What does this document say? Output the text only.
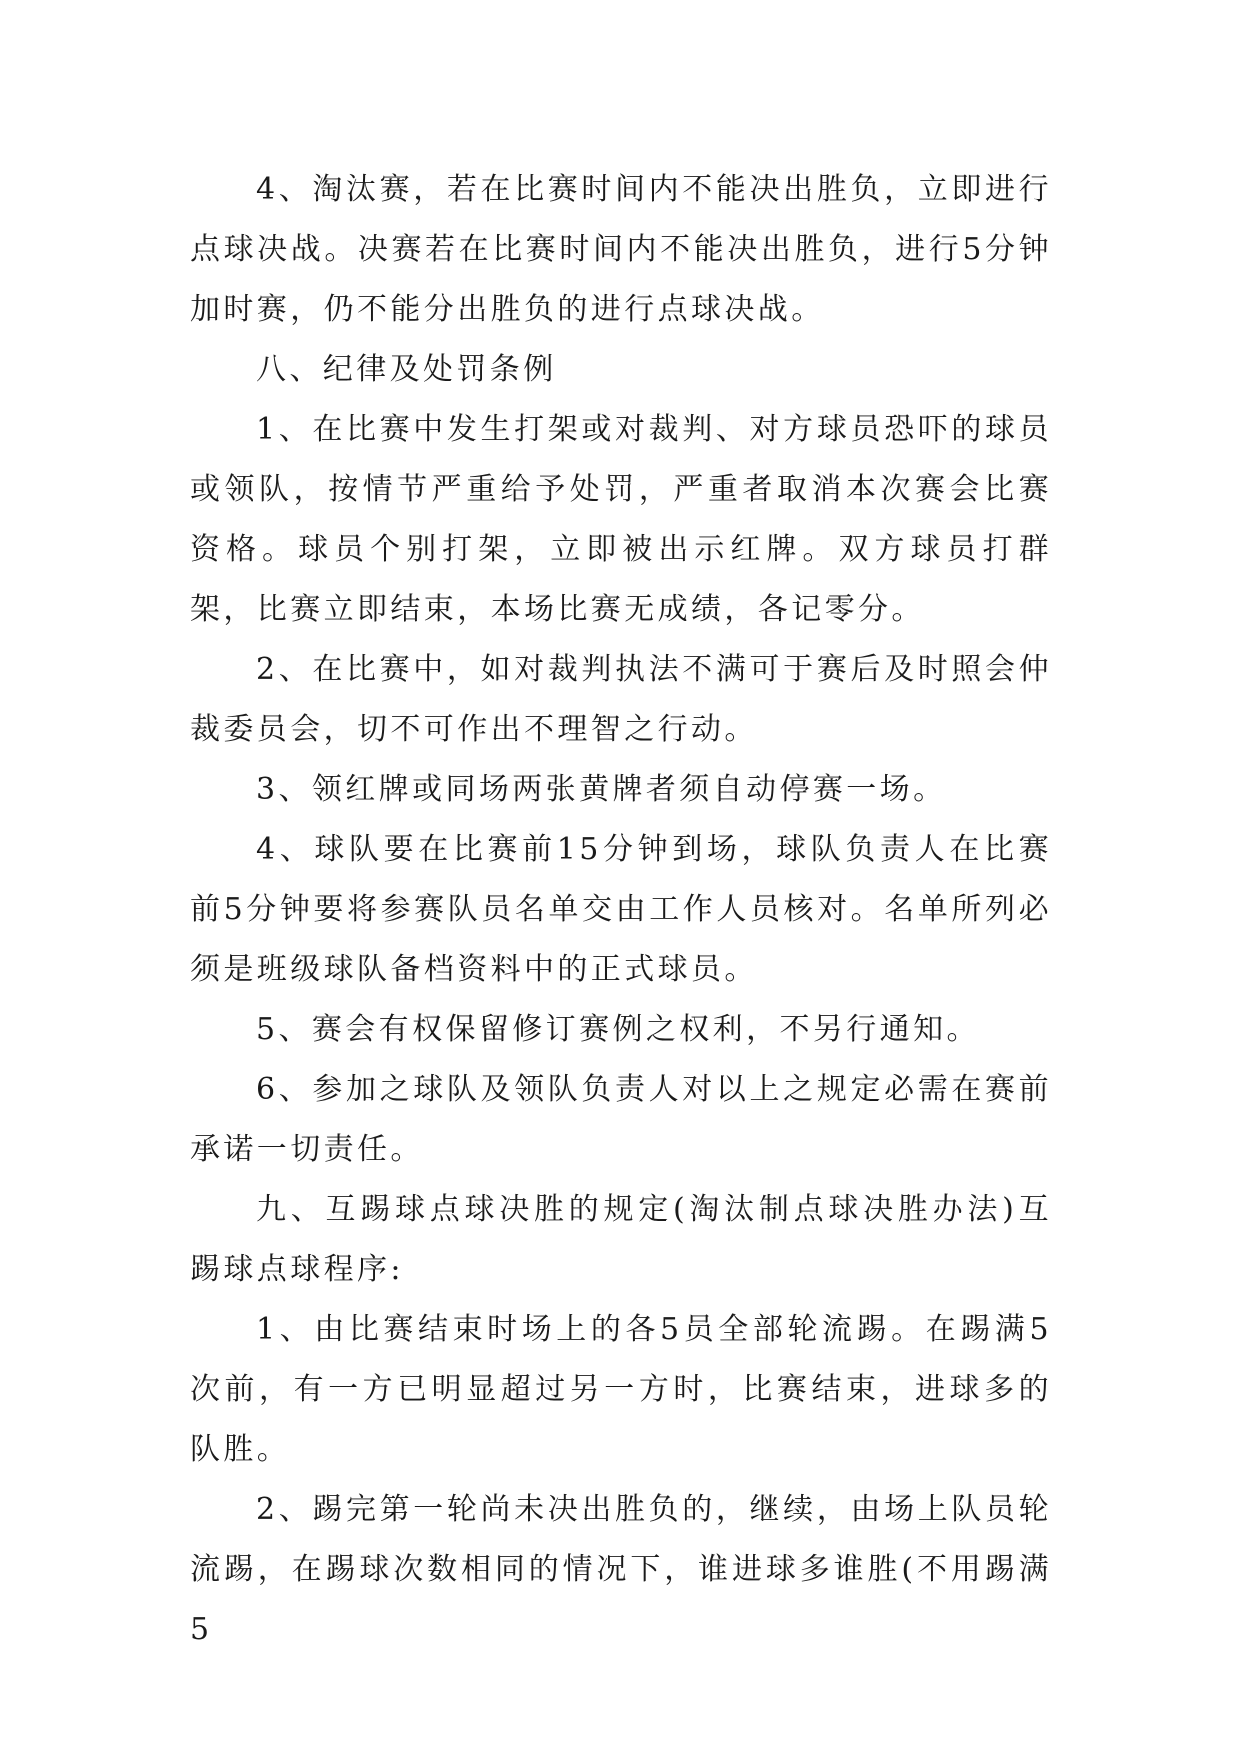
4、淘汰赛，若在比赛时间内不能决出胜负，立即进行点球决战。决赛若在比赛时间内不能决出胜负，进行5分钟加时赛，仍不能分出胜负的进行点球决战。

八、纪律及处罚条例

1、在比赛中发生打架或对裁判、对方球员恐吓的球员或领队，按情节严重给予处罚，严重者取消本次赛会比赛资格。球员个别打架，立即被出示红牌。双方球员打群架，比赛立即结束，本场比赛无成绩，各记零分。

2、在比赛中，如对裁判执法不满可于赛后及时照会仲裁委员会，切不可作出不理智之行动。

3、领红牌或同场两张黄牌者须自动停赛一场。

4、球队要在比赛前15分钟到场，球队负责人在比赛前5分钟要将参赛队员名单交由工作人员核对。名单所列必须是班级球队备档资料中的正式球员。

5、赛会有权保留修订赛例之权利，不另行通知。

6、参加之球队及领队负责人对以上之规定必需在赛前承诺一切责任。

九、互踢球点球决胜的规定(淘汰制点球决胜办法)互踢球点球程序:

1、由比赛结束时场上的各5员全部轮流踢。在踢满5次前，有一方已明显超过另一方时，比赛结束，进球多的队胜。

2、踢完第一轮尚未决出胜负的，继续，由场上队员轮流踢，在踢球次数相同的情况下，谁进球多谁胜(不用踢满5
